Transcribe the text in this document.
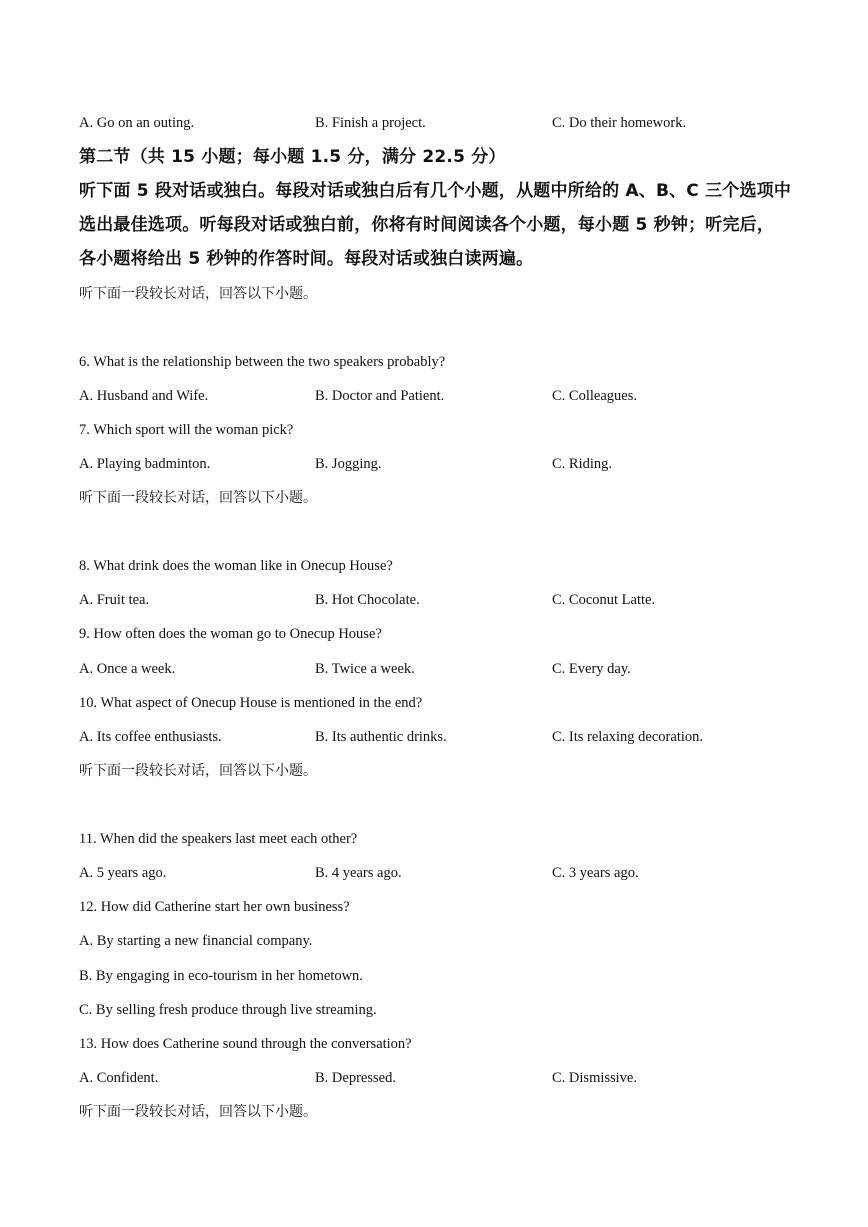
A. Go on an outing.	B. Finish a project.	C. Do their homework.
第二节（共 15 小题；每小题 1.5 分，满分 22.5 分）
听下面 5 段对话或独白。每段对话或独白后有几个小题，从题中所给的 A、B、C 三个选项中
选出最佳选项。听每段对话或独白前，你将有时间阅读各个小题，每小题 5 秒钟；听完后，
各小题将给出 5 秒钟的作答时间。每段对话或独白读两遍。
听下面一段较长对话，回答以下小题。
6. What is the relationship between the two speakers probably?
A. Husband and Wife.	B. Doctor and Patient.	C. Colleagues.
7. Which sport will the woman pick?
A. Playing badminton.	B. Jogging.	C. Riding.
听下面一段较长对话，回答以下小题。
8. What drink does the woman like in Onecup House?
A. Fruit tea.	B. Hot Chocolate.	C. Coconut Latte.
9. How often does the woman go to Onecup House?
A. Once a week.	B. Twice a week.	C. Every day.
10. What aspect of Onecup House is mentioned in the end?
A. Its coffee enthusiasts.	B. Its authentic drinks.	C. Its relaxing decoration.
听下面一段较长对话，回答以下小题。
11. When did the speakers last meet each other?
A. 5 years ago.	B. 4 years ago.	C. 3 years ago.
12. How did Catherine start her own business?
A. By starting a new financial company.
B. By engaging in eco-tourism in her hometown.
C. By selling fresh produce through live streaming.
13. How does Catherine sound through the conversation?
A. Confident.	B. Depressed.	C. Dismissive.
听下面一段较长对话，回答以下小题。
